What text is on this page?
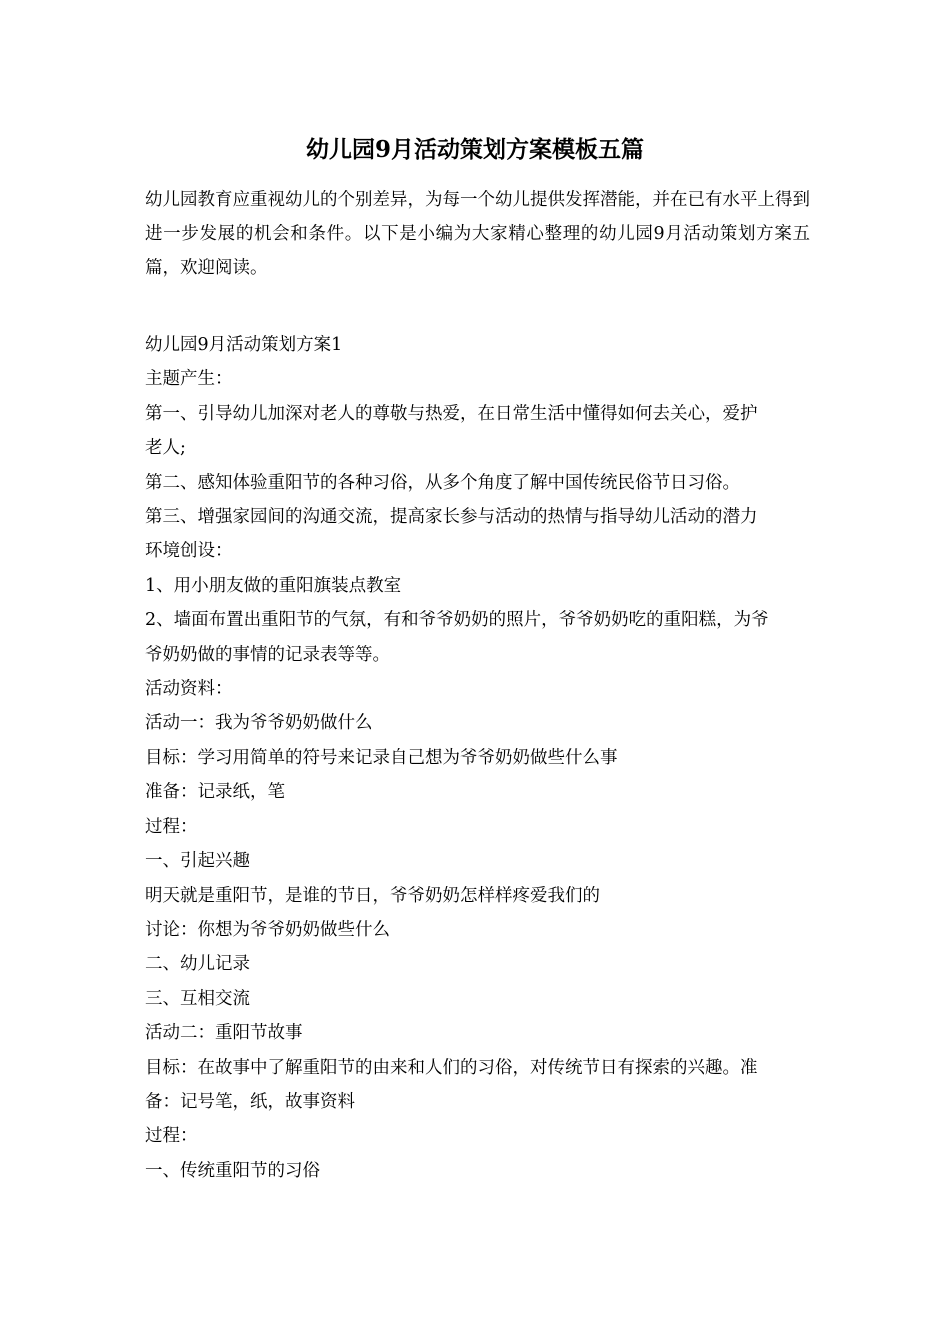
幼儿园9月活动策划方案模板五篇

幼儿园教育应重视幼儿的个别差异，为每一个幼儿提供发挥潜能，并在已有水平上得到进一步发展的机会和条件。以下是小编为大家精心整理的幼儿园9月活动策划方案五篇，欢迎阅读。

幼儿园9月活动策划方案1
主题产生：
第一、引导幼儿加深对老人的尊敬与热爱，在日常生活中懂得如何去关心，爱护
老人;
第二、感知体验重阳节的各种习俗，从多个角度了解中国传统民俗节日习俗。
第三、增强家园间的沟通交流，提高家长参与活动的热情与指导幼儿活动的潜力
环境创设：
1、用小朋友做的重阳旗装点教室
2、墙面布置出重阳节的气氛，有和爷爷奶奶的照片，爷爷奶奶吃的重阳糕，为爷
爷奶奶做的事情的记录表等等。
活动资料：
活动一：我为爷爷奶奶做什么
目标：学习用简单的符号来记录自己想为爷爷奶奶做些什么事
准备：记录纸，笔
过程：
一、引起兴趣
明天就是重阳节，是谁的节日，爷爷奶奶怎样样疼爱我们的
讨论：你想为爷爷奶奶做些什么
二、幼儿记录
三、互相交流
活动二：重阳节故事
目标：在故事中了解重阳节的由来和人们的习俗，对传统节日有探索的兴趣。准
备：记号笔，纸，故事资料
过程：
一、传统重阳节的习俗
